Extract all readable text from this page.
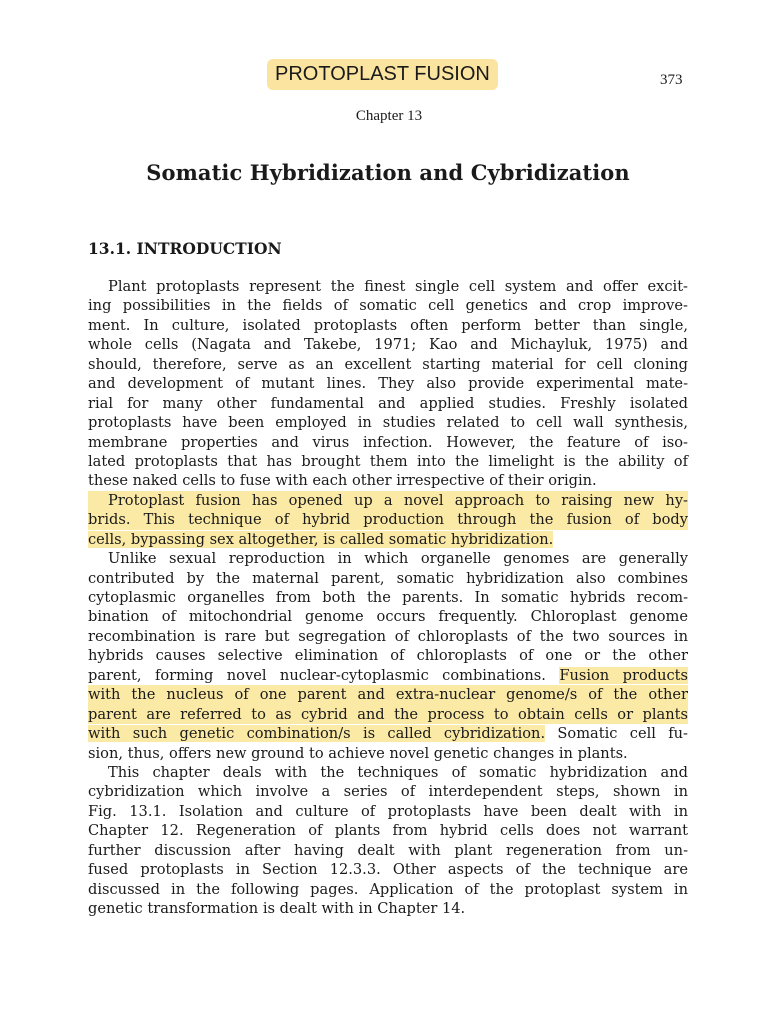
PROTOPLAST FUSION	373
Chapter 13
Somatic Hybridization and Cybridization
13.1. INTRODUCTION
Plant protoplasts represent the finest single cell system and offer excit-
ing possibilities in the fields of somatic cell genetics and crop improve-
ment. In culture, isolated protoplasts often perform better than single,
whole cells (Nagata and Takebe, 1971; Kao and Michayluk, 1975) and
should, therefore, serve as an excellent starting material for cell cloning
and development of mutant lines. They also provide experimental mate-
rial for many other fundamental and applied studies. Freshly isolated
protoplasts have been employed in studies related to cell wall synthesis,
membrane properties and virus infection. However, the feature of iso-
lated protoplasts that has brought them into the limelight is the ability of
these naked cells to fuse with each other irrespective of their origin.
Protoplast fusion has opened up a novel approach to raising new hy-
brids. This technique of hybrid production through the fusion of body
cells, bypassing sex altogether, is called somatic hybridization.
Unlike sexual reproduction in which organelle genomes are generally
contributed by the maternal parent, somatic hybridization also combines
cytoplasmic organelles from both the parents. In somatic hybrids recom-
bination of mitochondrial genome occurs frequently. Chloroplast genome
recombination is rare but segregation of chloroplasts of the two sources in
hybrids causes selective elimination of chloroplasts of one or the other
parent, forming novel nuclear-cytoplasmic combinations. Fusion products
with the nucleus of one parent and extra-nuclear genome/s of the other
parent are referred to as cybrid and the process to obtain cells or plants
with such genetic combination/s is called cybridization. Somatic cell fu-
sion, thus, offers new ground to achieve novel genetic changes in plants.
This chapter deals with the techniques of somatic hybridization and
cybridization which involve a series of interdependent steps, shown in
Fig. 13.1. Isolation and culture of protoplasts have been dealt with in
Chapter 12. Regeneration of plants from hybrid cells does not warrant
further discussion after having dealt with plant regeneration from un-
fused protoplasts in Section 12.3.3. Other aspects of the technique are
discussed in the following pages. Application of the protoplast system in
genetic transformation is dealt with in Chapter 14.
